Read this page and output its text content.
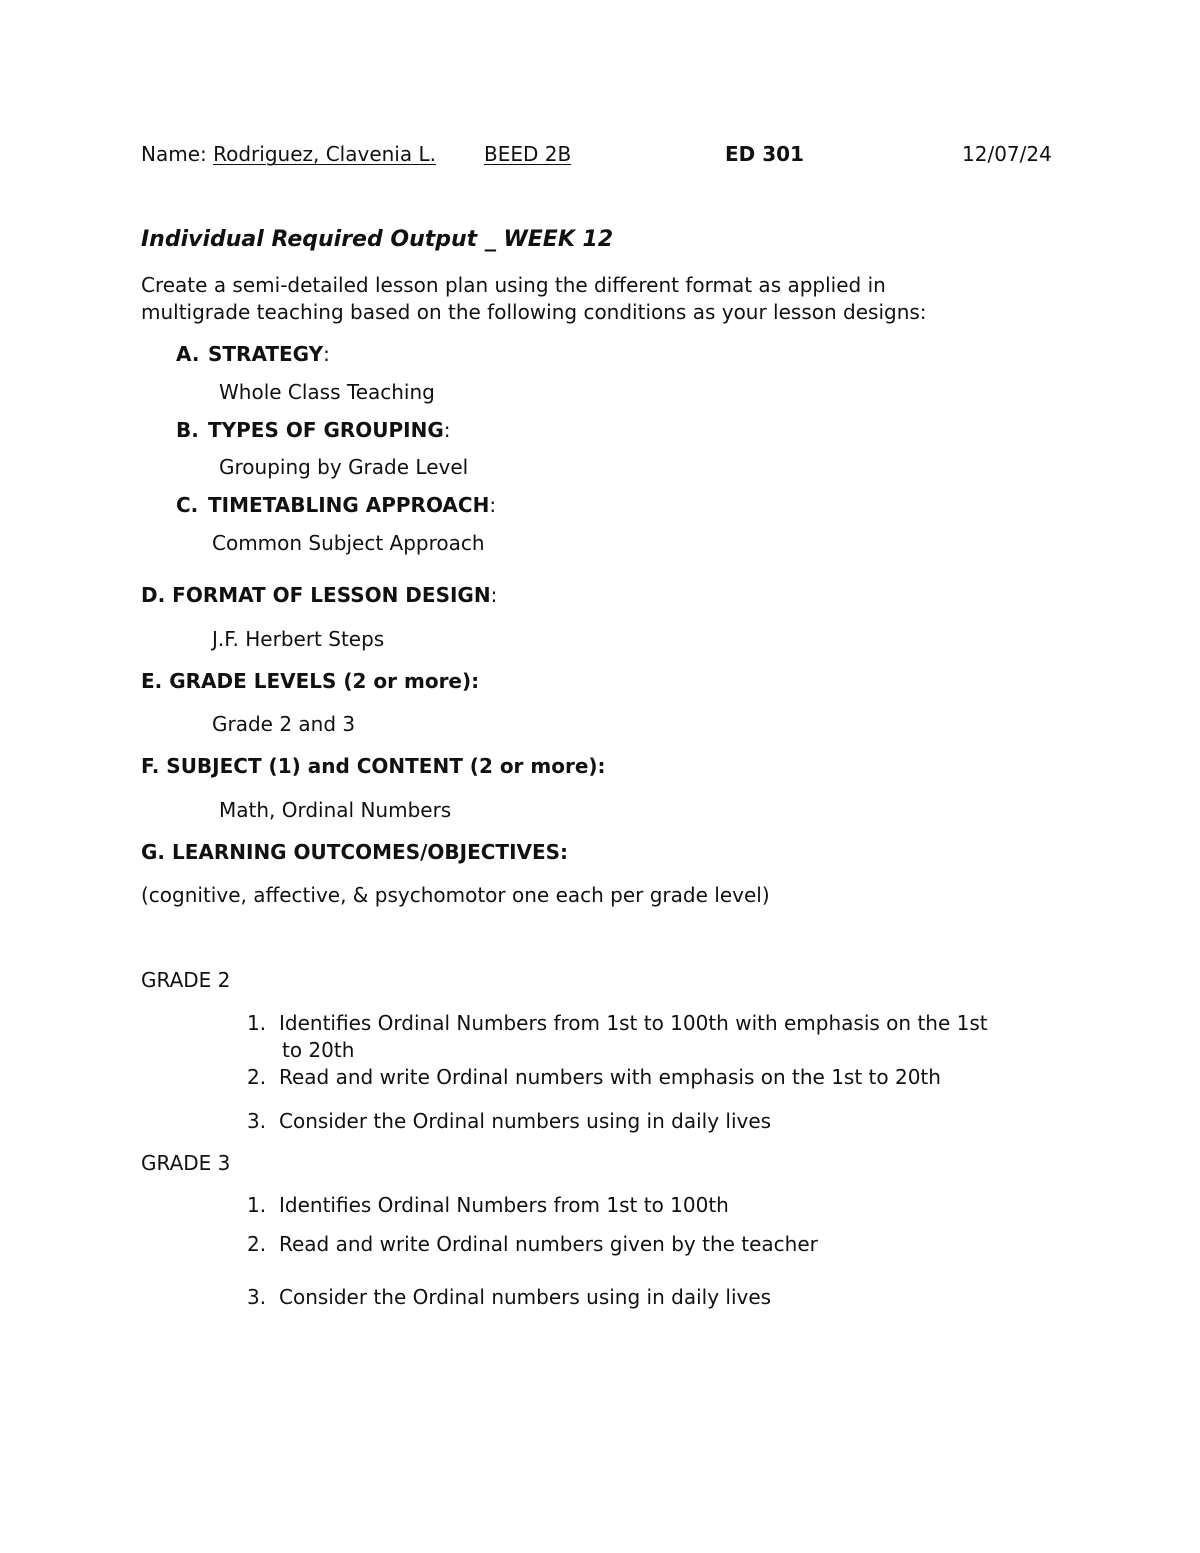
Name: Rodriguez, Clavenia L. BEED 2B	ED 301	12/07/24
Individual Required Output _ WEEK 12
Create a semi-detailed lesson plan using the different format as applied in
multigrade teaching based on the following conditions as your lesson designs:
A. STRATEGY:
Whole Class Teaching
B. TYPES OF GROUPING:
Grouping by Grade Level
C. TIMETABLING APPROACH:
Common Subject Approach
D. FORMAT OF LESSON DESIGN:
J.F. Herbert Steps
E. GRADE LEVELS (2 or more):
Grade 2 and 3
F. SUBJECT (1) and CONTENT (2 or more):
Math, Ordinal Numbers
G. LEARNING OUTCOMES/OBJECTIVES:
(cognitive, affective, & psychomotor one each per grade level)
GRADE 2
1. Identifies Ordinal Numbers from 1st to 100th with emphasis on the 1st
to 20th
2. Read and write Ordinal numbers with emphasis on the 1st to 20th
3. Consider the Ordinal numbers using in daily lives
GRADE 3
1. Identifies Ordinal Numbers from 1st to 100th
2. Read and write Ordinal numbers given by the teacher
3. Consider the Ordinal numbers using in daily lives
